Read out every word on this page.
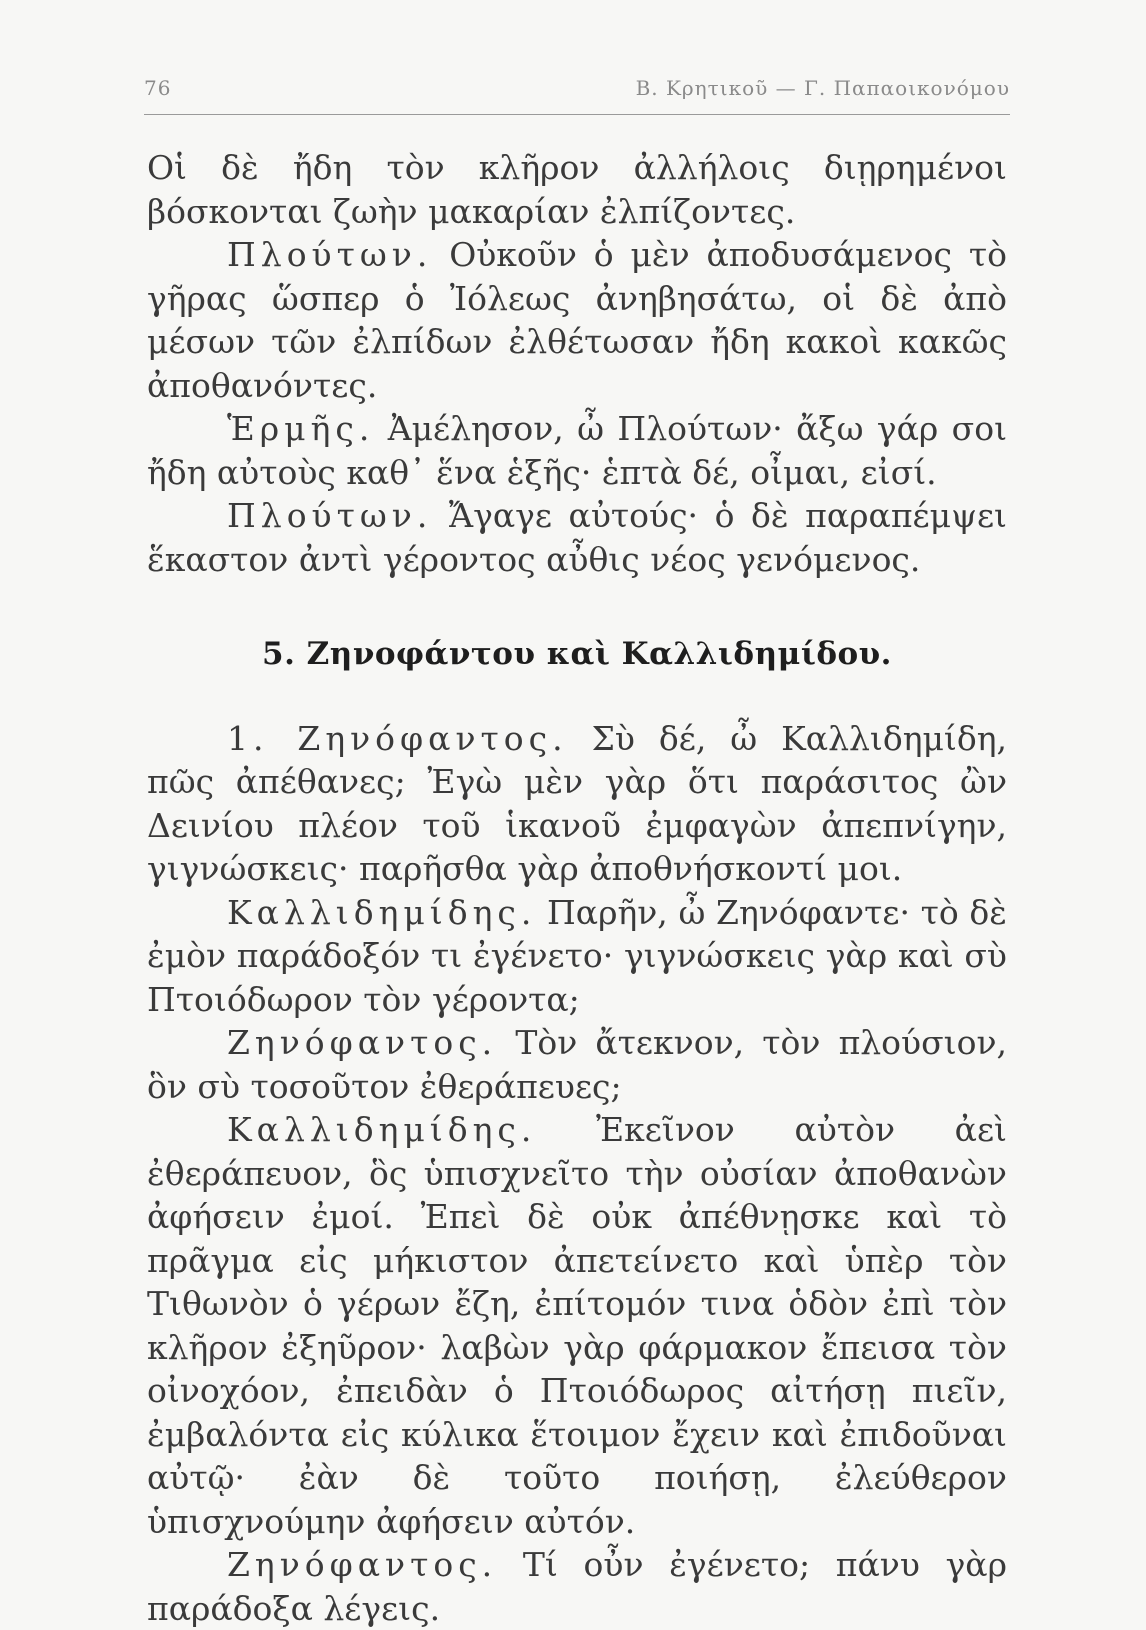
76	Β. Κρητικοῦ — Γ. Παπαοικονόμου

Οἱ δὲ ἤδη τὸν κλῆρον ἀλλήλοις διῃρημένοι βόσκονται ζωὴν μακαρίαν ἐλπίζοντες.

Πλούτων. Οὐκοῦν ὁ μὲν ἀποδυσάμενος τὸ γῆρας ὥσπερ ὁ Ἰόλεως ἀνηβησάτω, οἱ δὲ ἀπὸ μέσων τῶν ἐλπίδων ἐλθέτωσαν ἤδη κακοὶ κακῶς ἀποθανόντες.

Ἑρμῆς. Ἀμέλησον, ὦ Πλούτων· ἄξω γάρ σοι ἤδη αὐτοὺς καθ᾽ ἕνα ἑξῆς· ἑπτὰ δέ, οἶμαι, εἰσί.

Πλούτων. Ἄγαγε αὐτούς· ὁ δὲ παραπέμψει ἕκαστον ἀντὶ γέροντος αὖθις νέος γενόμενος.

5. Ζηνοφάντου καὶ Καλλιδημίδου.

1. Ζηνόφαντος. Σὺ δέ, ὦ Καλλιδημίδη, πῶς ἀπέθανες; Ἐγὼ μὲν γὰρ ὅτι παράσιτος ὢν Δεινίου πλέον τοῦ ἱκανοῦ ἐμφαγὼν ἀπεπνίγην, γιγνώσκεις· παρῆσθα γὰρ ἀποθνήσκοντί μοι.

Καλλιδημίδης. Παρῆν, ὦ Ζηνόφαντε· τὸ δὲ ἐμὸν παράδοξόν τι ἐγένετο· γιγνώσκεις γὰρ καὶ σὺ Πτοιόδωρον τὸν γέροντα;

Ζηνόφαντος. Τὸν ἄτεκνον, τὸν πλούσιον, ὃν σὺ τοσοῦτον ἐθεράπευες;

Καλλιδημίδης. Ἐκεῖνον αὐτὸν ἀεὶ ἐθεράπευον, ὃς ὑπισχνεῖτο τὴν οὐσίαν ἀποθανὼν ἀφήσειν ἐμοί. Ἐπεὶ δὲ οὐκ ἀπέθνῃσκε καὶ τὸ πρᾶγμα εἰς μήκιστον ἀπετείνετο καὶ ὑπὲρ τὸν Τιθωνὸν ὁ γέρων ἔζη, ἐπίτομόν τινα ὁδὸν ἐπὶ τὸν κλῆρον ἐξηῦρον· λαβὼν γὰρ φάρμακον ἔπεισα τὸν οἰνοχόον, ἐπειδὰν ὁ Πτοιόδωρος αἰτήσῃ πιεῖν, ἐμβαλόντα εἰς κύλικα ἕτοιμον ἔχειν καὶ ἐπιδοῦναι αὐτῷ· ἐὰν δὲ τοῦτο ποιήσῃ, ἐλεύθερον ὑπισχνούμην ἀφήσειν αὐτόν.

Ζηνόφαντος. Τί οὖν ἐγένετο; πάνυ γὰρ παράδοξα λέγεις.
